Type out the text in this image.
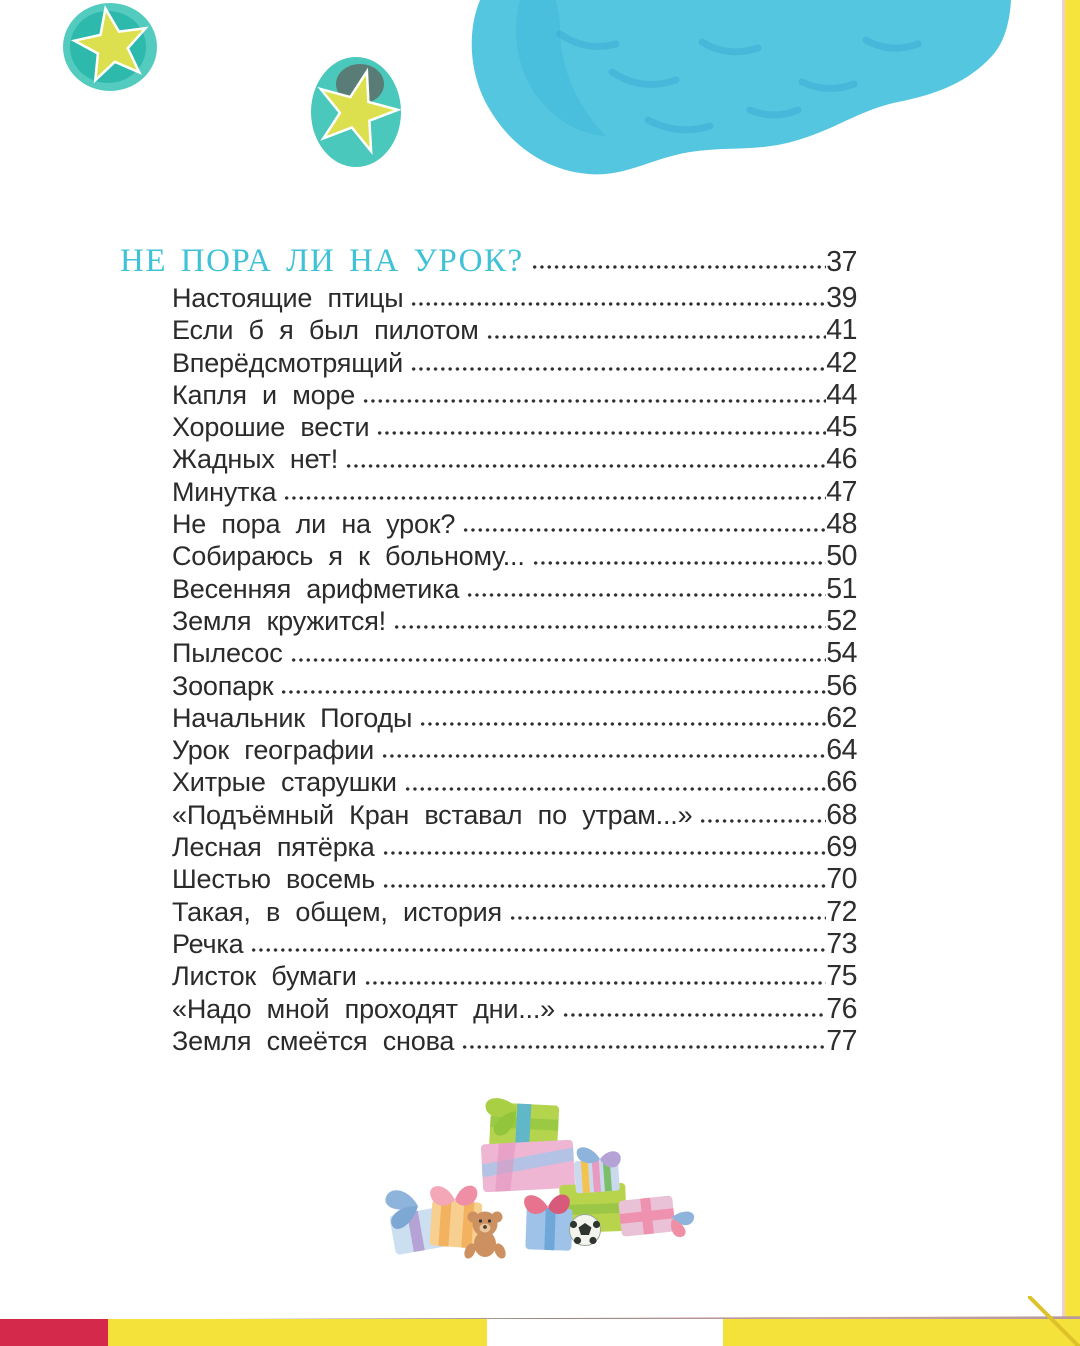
НЕ ПОРА ЛИ НА УРОК?	37
Настоящие птицы	39
Если б я был пилотом	41
Вперёдсмотрящий	42
Капля и море	44
Хорошие вести	45
Жадных нет!	46
Минутка	47
Не пора ли на урок?	48
Собираюсь я к больному...	50
Весенняя арифметика	51
Земля кружится!	52
Пылесос	54
Зоопарк	56
Начальник Погоды	62
Урок географии	64
Хитрые старушки	66
«Подъёмный Кран вставал по утрам...»	68
Лесная пятёрка	69
Шестью восемь	70
Такая, в общем, история	72
Речка	73
Листок бумаги	75
«Надо мной проходят дни...»	76
Земля смеётся снова	77
